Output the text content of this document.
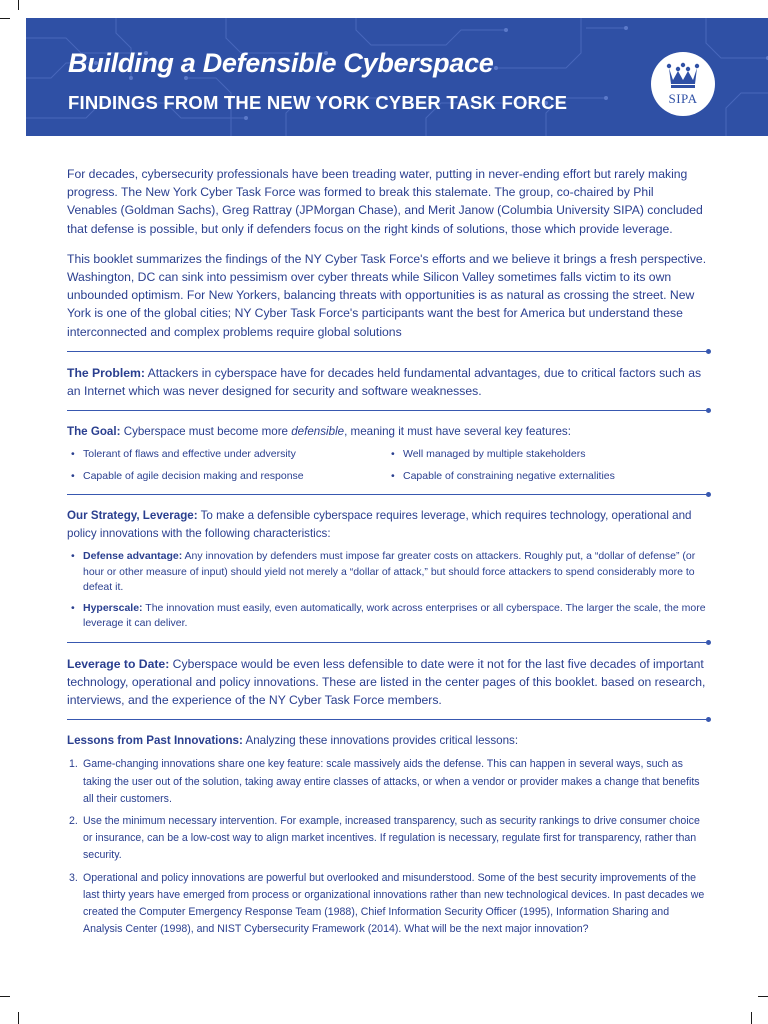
Building a Defensible Cyberspace
FINDINGS FROM THE NEW YORK CYBER TASK FORCE	SIPA

For decades, cybersecurity professionals have been treading water, putting in never-ending effort but rarely making progress. The New York Cyber Task Force was formed to break this stalemate. The group, co-chaired by Phil Venables (Goldman Sachs), Greg Rattray (JPMorgan Chase), and Merit Janow (Columbia University SIPA) concluded that defense is possible, but only if defenders focus on the right kinds of solutions, those which provide leverage.

This booklet summarizes the findings of the NY Cyber Task Force's efforts and we believe it brings a fresh perspective. Washington, DC can sink into pessimism over cyber threats while Silicon Valley sometimes falls victim to its own unbounded optimism. For New Yorkers, balancing threats with opportunities is as natural as crossing the street. New York is one of the global cities; NY Cyber Task Force's participants want the best for America but understand these interconnected and complex problems require global solutions

The Problem: Attackers in cyberspace have for decades held fundamental advantages, due to critical factors such as an Internet which was never designed for security and software weaknesses.

The Goal: Cyberspace must become more defensible, meaning it must have several key features:

• Tolerant of flaws and effective under adversity
• Capable of agile decision making and response
• Well managed by multiple stakeholders
• Capable of constraining negative externalities

Our Strategy, Leverage: To make a defensible cyberspace requires leverage, which requires technology, operational and policy innovations with the following characteristics:

• Defense advantage: Any innovation by defenders must impose far greater costs on attackers. Roughly put, a “dollar of defense” (or hour or other measure of input) should yield not merely a “dollar of attack,” but should force attackers to spend considerably more to defeat it.
• Hyperscale: The innovation must easily, even automatically, work across enterprises or all cyberspace. The larger the scale, the more leverage it can deliver.

Leverage to Date: Cyberspace would be even less defensible to date were it not for the last five decades of important technology, operational and policy innovations. These are listed in the center pages of this booklet. based on research, interviews, and the experience of the NY Cyber Task Force members.

Lessons from Past Innovations: Analyzing these innovations provides critical lessons:

1. Game-changing innovations share one key feature: scale massively aids the defense. This can happen in several ways, such as taking the user out of the solution, taking away entire classes of attacks, or when a vendor or provider makes a change that benefits all their customers.
2. Use the minimum necessary intervention. For example, increased transparency, such as security rankings to drive consumer choice or insurance, can be a low-cost way to align market incentives. If regulation is necessary, regulate first for transparency, rather than security.
3. Operational and policy innovations are powerful but overlooked and misunderstood. Some of the best security improvements of the last thirty years have emerged from process or organizational innovations rather than new technological devices. In past decades we created the Computer Emergency Response Team (1988), Chief Information Security Officer (1995), Information Sharing and Analysis Center (1998), and NIST Cybersecurity Framework (2014). What will be the next major innovation?
